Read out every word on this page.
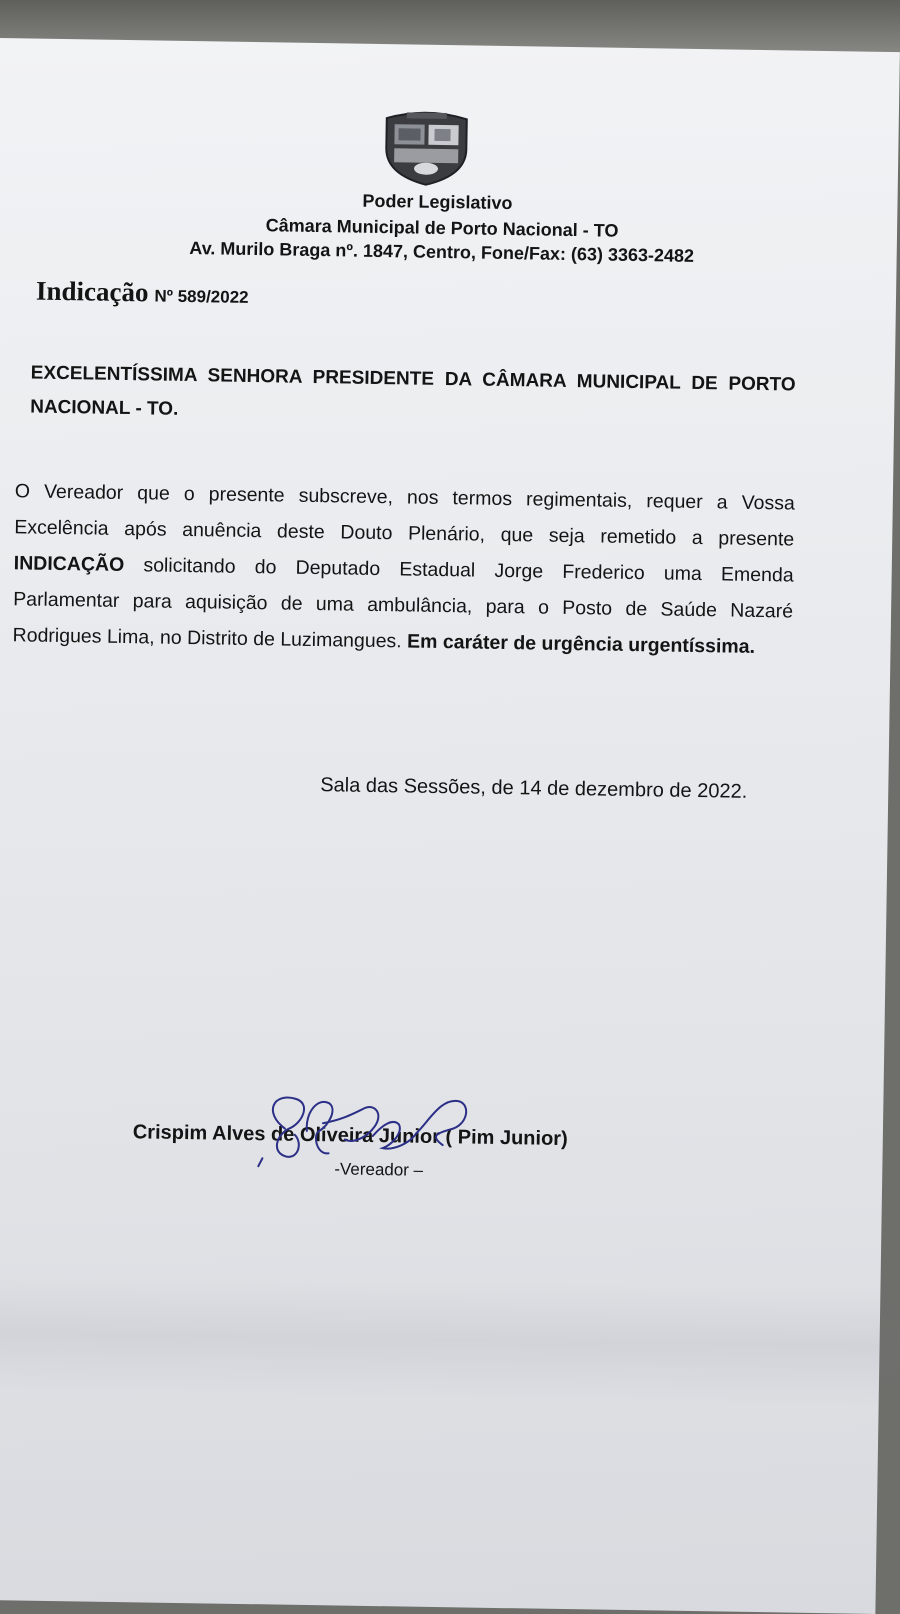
Poder Legislativo
Câmara Municipal de Porto Nacional - TO
Av. Murilo Braga nº. 1847, Centro, Fone/Fax: (63) 3363-2482
Indicação Nº 589/2022
EXCELENTÍSSIMA SENHORA PRESIDENTE DA CÂMARA MUNICIPAL DE PORTO NACIONAL - TO.
O Vereador que o presente subscreve, nos termos regimentais, requer a Vossa Excelência após anuência deste Douto Plenário, que seja remetido a presente INDICAÇÃO solicitando do Deputado Estadual Jorge Frederico uma Emenda Parlamentar para aquisição de uma ambulância, para o Posto de Saúde Nazaré Rodrigues Lima, no Distrito de Luzimangues. Em caráter de urgência urgentíssima.
Sala das Sessões, de 14 de dezembro de 2022.
Crispim Alves de Oliveira Junior ( Pim Junior)
-Vereador –
